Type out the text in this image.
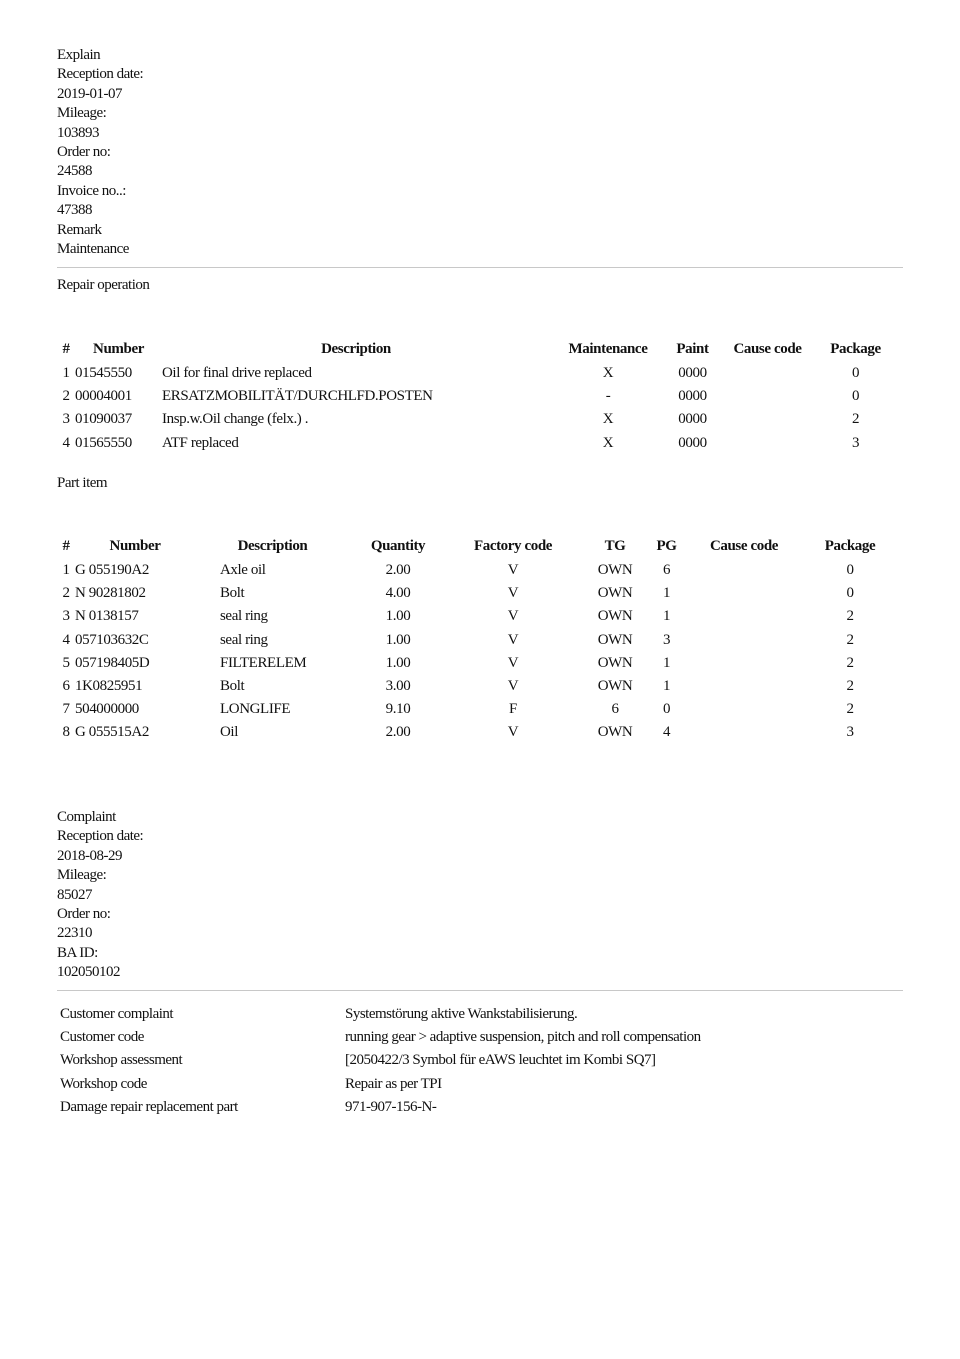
Explain
Reception date:
2019-01-07
Mileage:
103893
Order no:
24588
Invoice no..:
47388
Remark
Maintenance
Repair operation
#	Number	Description	Maintenance	Paint	Cause code	Package
1	01545550	Oil for final drive replaced	X	0000		0
2	00004001	ERSATZMOBILITÄT/DURCHLFD.POSTEN	-	0000		0
3	01090037	Insp.w.Oil change (felx.) .	X	0000		2
4	01565550	ATF replaced	X	0000		3
Part item
#	Number	Description	Quantity	Factory code	TG	PG	Cause code	Package
1	G 055190A2	Axle oil	2.00	V	OWN	6		0
2	N 90281802	Bolt	4.00	V	OWN	1		0
3	N 0138157	seal ring	1.00	V	OWN	1		2
4	057103632C	seal ring	1.00	V	OWN	3		2
5	057198405D	FILTERELEM	1.00	V	OWN	1		2
6	1K0825951	Bolt	3.00	V	OWN	1		2
7	504000000	LONGLIFE	9.10	F	6	0		2
8	G 055515A2	Oil	2.00	V	OWN	4		3
Complaint
Reception date:
2018-08-29
Mileage:
85027
Order no:
22310
BA ID:
102050102
Customer complaint	Systemstörung aktive Wankstabilisierung.
Customer code	running gear > adaptive suspension, pitch and roll compensation
Workshop assessment	[2050422/3 Symbol für eAWS leuchtet im Kombi SQ7]
Workshop code	Repair as per TPI
Damage repair replacement part	971-907-156-N-
